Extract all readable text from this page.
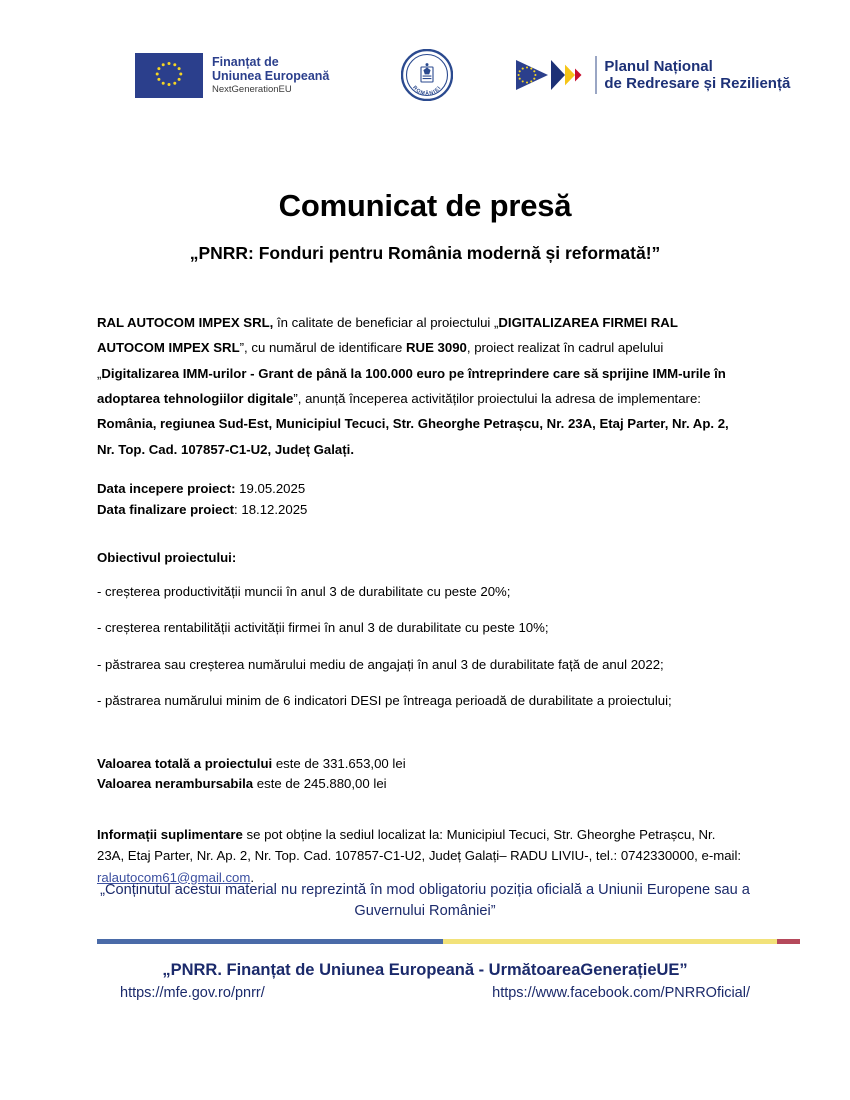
Finanțat de
Uniunea Europeană
NextGenerationEU	ROMÂNIEI
Planul Național
de Redresare și Reziliență
Comunicat de presă
„PNRR: Fonduri pentru România modernă și reformată!”
RAL AUTOCOM IMPEX SRL, în calitate de beneficiar al proiectului „DIGITALIZAREA FIRMEI RAL AUTOCOM IMPEX SRL”, cu numărul de identificare RUE 3090, proiect realizat în cadrul apelului „Digitalizarea IMM-urilor - Grant de până la 100.000 euro pe întreprindere care să sprijine IMM-urile în adoptarea tehnologiilor digitale”, anunță începerea activităților proiectului la adresa de implementare: România, regiunea Sud-Est, Municipiul Tecuci, Str. Gheorghe Petrașcu, Nr. 23A, Etaj Parter, Nr. Ap. 2, Nr. Top. Cad. 107857-C1-U2, Județ Galați.
Data incepere proiect: 19.05.2025
Data finalizare proiect: 18.12.2025
Obiectivul proiectului:
- creșterea productivității muncii în anul 3 de durabilitate cu peste 20%;
- creșterea rentabilității activității firmei în anul 3 de durabilitate cu peste 10%;
- păstrarea sau creșterea numărului mediu de angajați în anul 3 de durabilitate față de anul 2022;
- păstrarea numărului minim de 6 indicatori DESI pe întreaga perioadă de durabilitate a proiectului;
Valoarea totală a proiectului este de 331.653,00 lei
Valoarea nerambursabila este de 245.880,00 lei
Informații suplimentare se pot obține la sediul localizat la: Municipiul Tecuci, Str. Gheorghe Petrașcu, Nr. 23A, Etaj Parter, Nr. Ap. 2, Nr. Top. Cad. 107857-C1-U2, Județ Galați– RADU LIVIU-, tel.: 0742330000, e-mail: ralautocom61@gmail.com.
„Conținutul acestui material nu reprezintă în mod obligatoriu poziția oficială a Uniunii Europene sau a Guvernului României”
„PNRR. Finanțat de Uniunea Europeană - UrmătoareaGenerațieUE”
https://mfe.gov.ro/pnrr/	https://www.facebook.com/PNRROficial/
